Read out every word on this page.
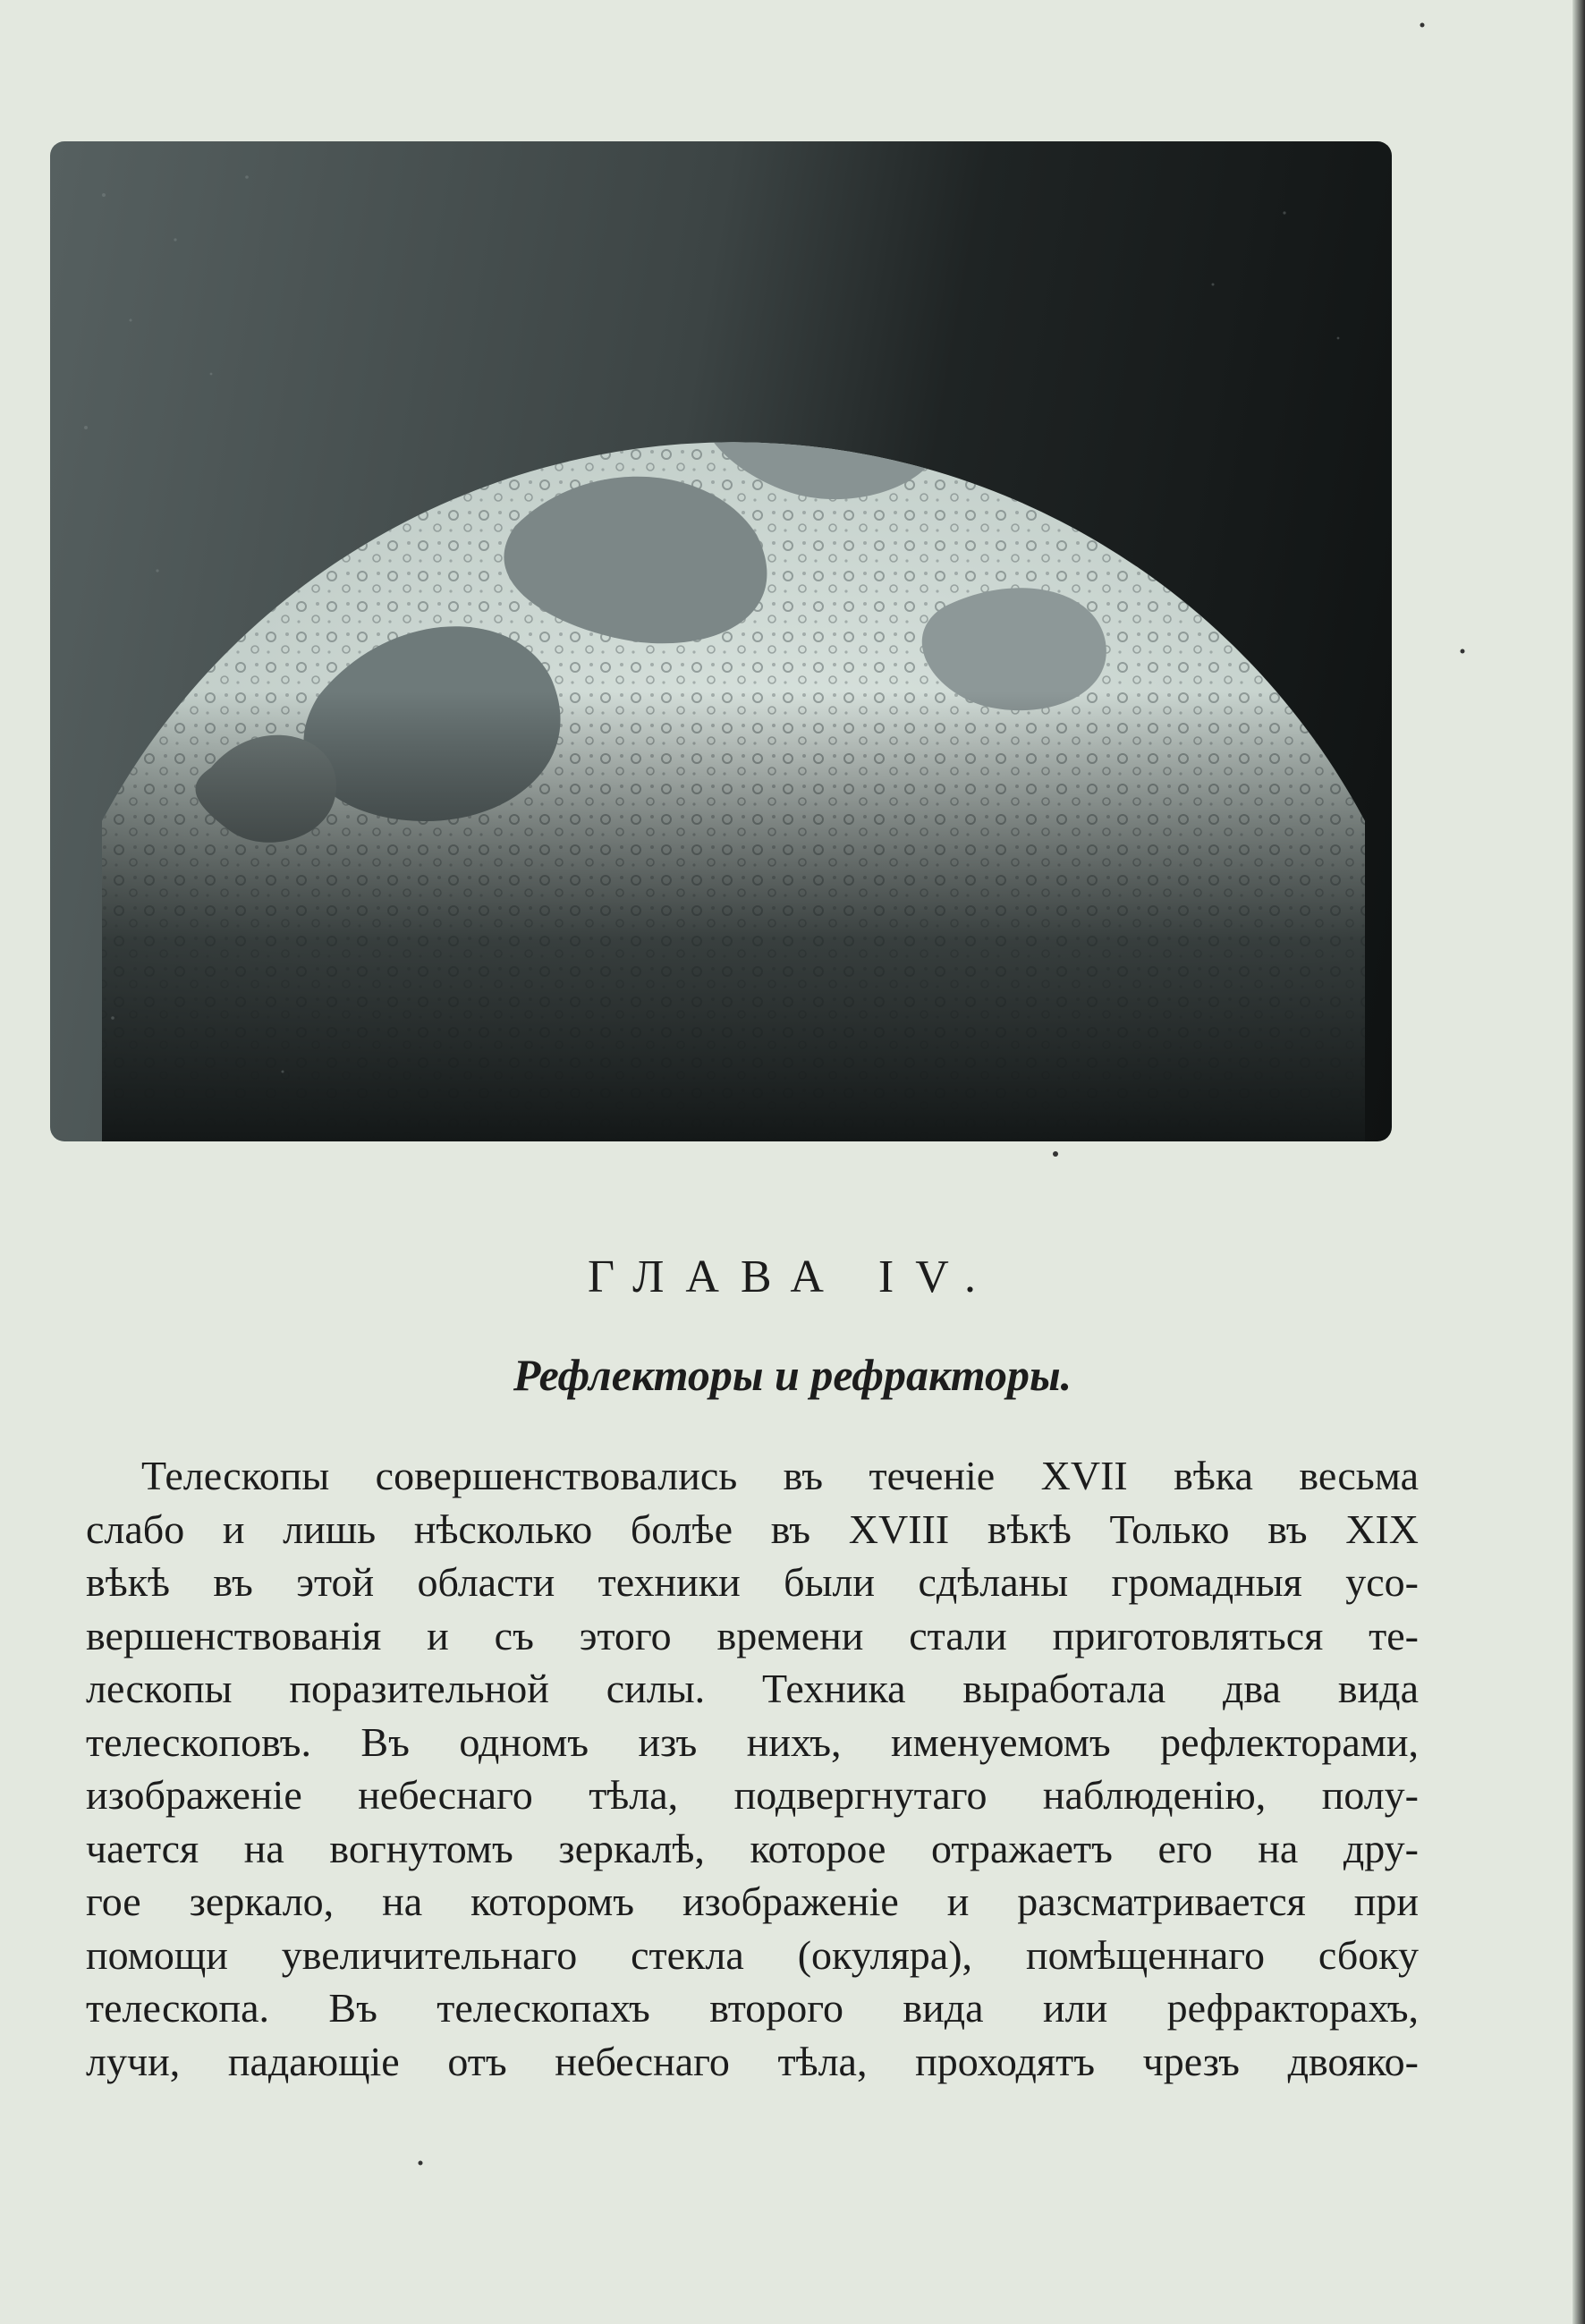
ГЛАВА IV.
Рефлекторы и рефракторы.
Телескопы совершенствовались въ теченіе XVII вѣка весьма
слабо и лишь нѣсколько болѣе въ XVIII вѣкѣ Только въ XIX
вѣкѣ въ этой области техники были сдѣланы громадныя усо-
вершенствованія и съ этого времени стали приготовляться те-
лескопы поразительной силы. Техника выработала два вида
телескоповъ. Въ одномъ изъ нихъ, именуемомъ рефлекторами,
изображеніе небеснаго тѣла, подвергнутаго наблюденію, полу-
чается на вогнутомъ зеркалѣ, которое отражаетъ его на дру-
гое зеркало, на которомъ изображеніе и разсматривается при
помощи увеличительнаго стекла (окуляра), помѣщеннаго сбоку
телескопа. Въ телескопахъ второго вида или рефракторахъ,
лучи, падающіе отъ небеснаго тѣла, проходятъ чрезъ двояко-
